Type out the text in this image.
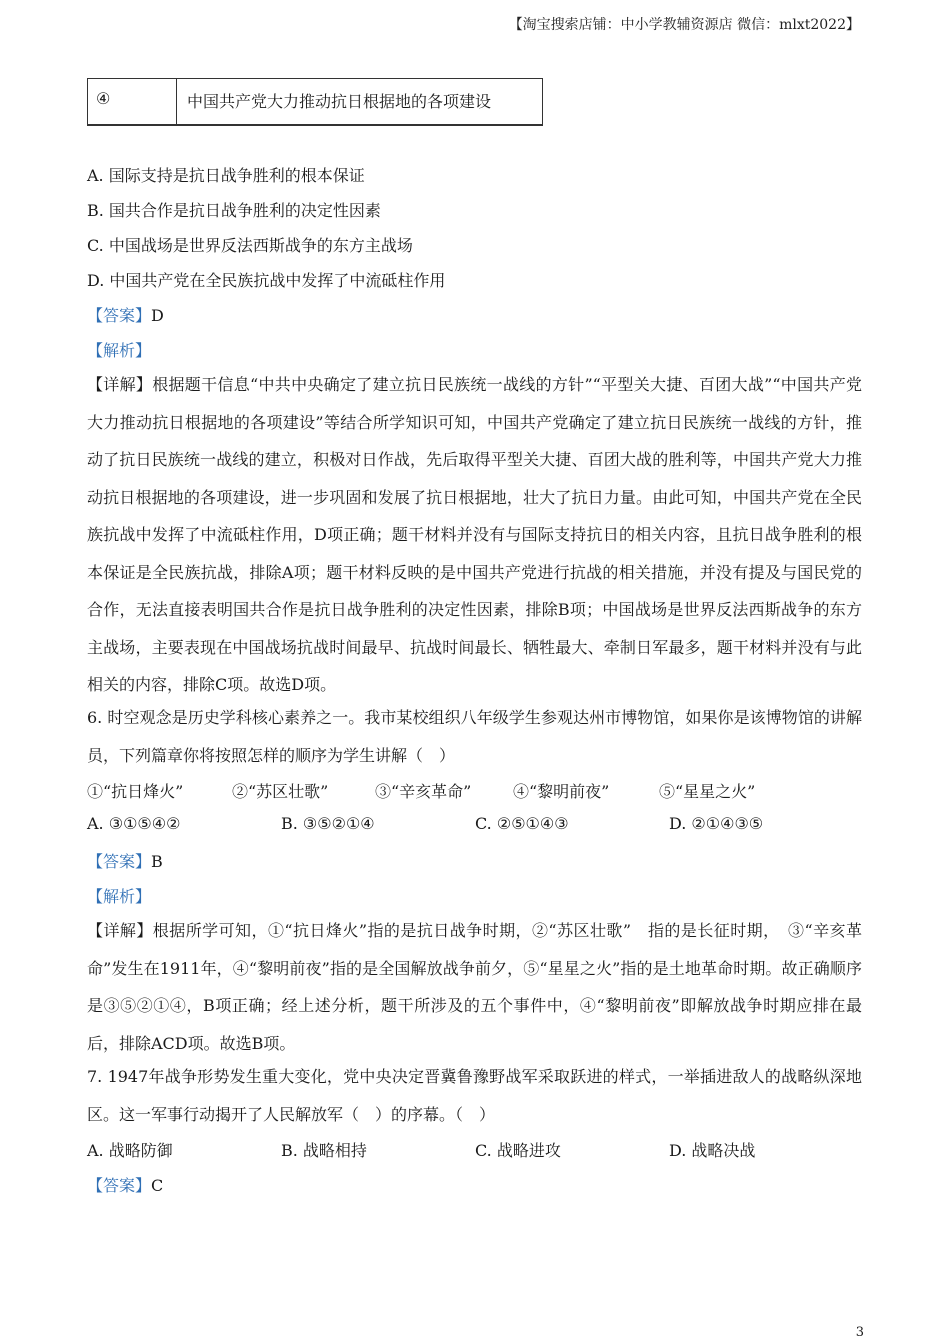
【淘宝搜索店铺：中小学教辅资源店 微信：mlxt2022】
④	中国共产党大力推动抗日根据地的各项建设
A. 国际支持是抗日战争胜利的根本保证
B. 国共合作是抗日战争胜利的决定性因素
C. 中国战场是世界反法西斯战争的东方主战场
D. 中国共产党在全民族抗战中发挥了中流砥柱作用
【答案】D
【解析】
【详解】根据题干信息“中共中央确定了建立抗日民族统一战线的方针”“平型关大捷、百团大战”“中国共产党大力推动抗日根据地的各项建设”等结合所学知识可知，中国共产党确定了建立抗日民族统一战线的方针，推动了抗日民族统一战线的建立，积极对日作战，先后取得平型关大捷、百团大战的胜利等，中国共产党大力推动抗日根据地的各项建设，进一步巩固和发展了抗日根据地，壮大了抗日力量。由此可知，中国共产党在全民族抗战中发挥了中流砥柱作用，D项正确；题干材料并没有与国际支持抗日的相关内容，且抗日战争胜利的根本保证是全民族抗战，排除A项；题干材料反映的是中国共产党进行抗战的相关措施，并没有提及与国民党的合作，无法直接表明国共合作是抗日战争胜利的决定性因素，排除B项；中国战场是世界反法西斯战争的东方主战场，主要表现在中国战场抗战时间最早、抗战时间最长、牺牲最大、牵制日军最多，题干材料并没有与此相关的内容，排除C项。故选D项。
6. 时空观念是历史学科核心素养之一。我市某校组织八年级学生参观达州市博物馆，如果你是该博物馆的讲解员，下列篇章你将按照怎样的顺序为学生讲解（　）
①“抗日烽火”	②“苏区壮歌”	③“辛亥革命”	④“黎明前夜”	⑤“星星之火”
A. ③①⑤④②	B. ③⑤②①④	C. ②⑤①④③	D. ②①④③⑤
【答案】B
【解析】
【详解】根据所学可知，①“抗日烽火”指的是抗日战争时期，②“苏区壮歌”　指的是长征时期，　③“辛亥革命”发生在1911年，④“黎明前夜”指的是全国解放战争前夕，⑤“星星之火”指的是土地革命时期。故正确顺序是③⑤②①④，B项正确；经上述分析，题干所涉及的五个事件中，④“黎明前夜”即解放战争时期应排在最后，排除ACD项。故选B项。
7. 1947年战争形势发生重大变化，党中央决定晋冀鲁豫野战军采取跃进的样式，一举插进敌人的战略纵深地区。这一军事行动揭开了人民解放军（　）的序幕。（　）
A. 战略防御	B. 战略相持	C. 战略进攻	D. 战略决战
【答案】C
3
